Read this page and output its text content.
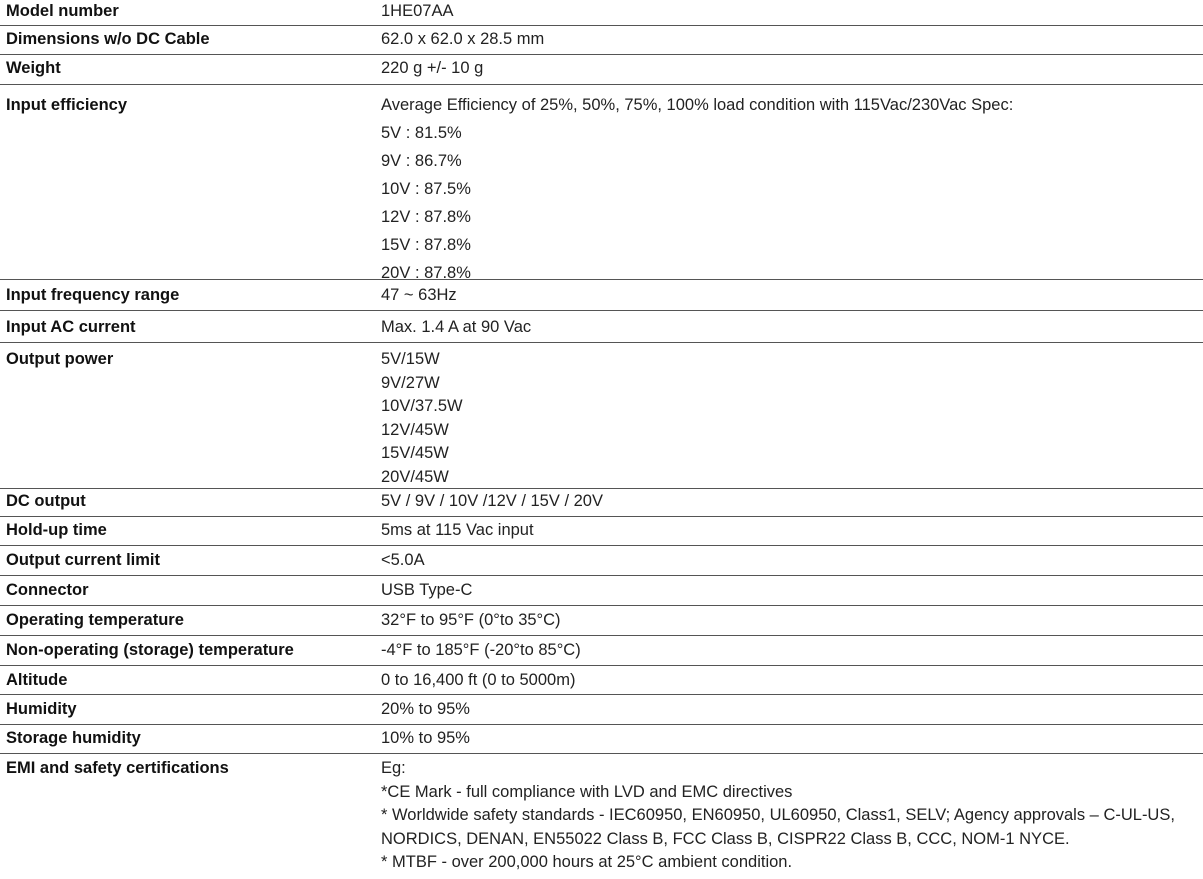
Model number	1HE07AA
Dimensions w/o DC Cable	62.0 x 62.0 x 28.5 mm
Weight	220 g +/- 10 g
Input efficiency	Average Efficiency of 25%, 50%, 75%, 100% load condition with 115Vac/230Vac Spec:
5V : 81.5%
9V : 86.7%
10V : 87.5%
12V : 87.8%
15V : 87.8%
20V : 87.8%
Input frequency range	47 ~ 63Hz
Input AC current	Max. 1.4 A at 90 Vac
Output power	5V/15W
9V/27W
10V/37.5W
12V/45W
15V/45W
20V/45W
DC output	5V / 9V / 10V /12V / 15V / 20V
Hold-up time	5ms at 115 Vac input
Output current limit	<5.0A
Connector	USB Type-C
Operating temperature	32°F to 95°F (0°to 35°C)
Non-operating (storage) temperature	-4°F to 185°F (-20°to 85°C)
Altitude	0 to 16,400 ft (0 to 5000m)
Humidity	20% to 95%
Storage humidity	10% to 95%
EMI and safety certifications	Eg:
*CE Mark - full compliance with LVD and EMC directives
* Worldwide safety standards - IEC60950, EN60950, UL60950, Class1, SELV; Agency approvals – C-UL-US,
NORDICS, DENAN, EN55022 Class B, FCC Class B, CISPR22 Class B, CCC, NOM-1 NYCE.
* MTBF - over 200,000 hours at 25°C ambient condition.
